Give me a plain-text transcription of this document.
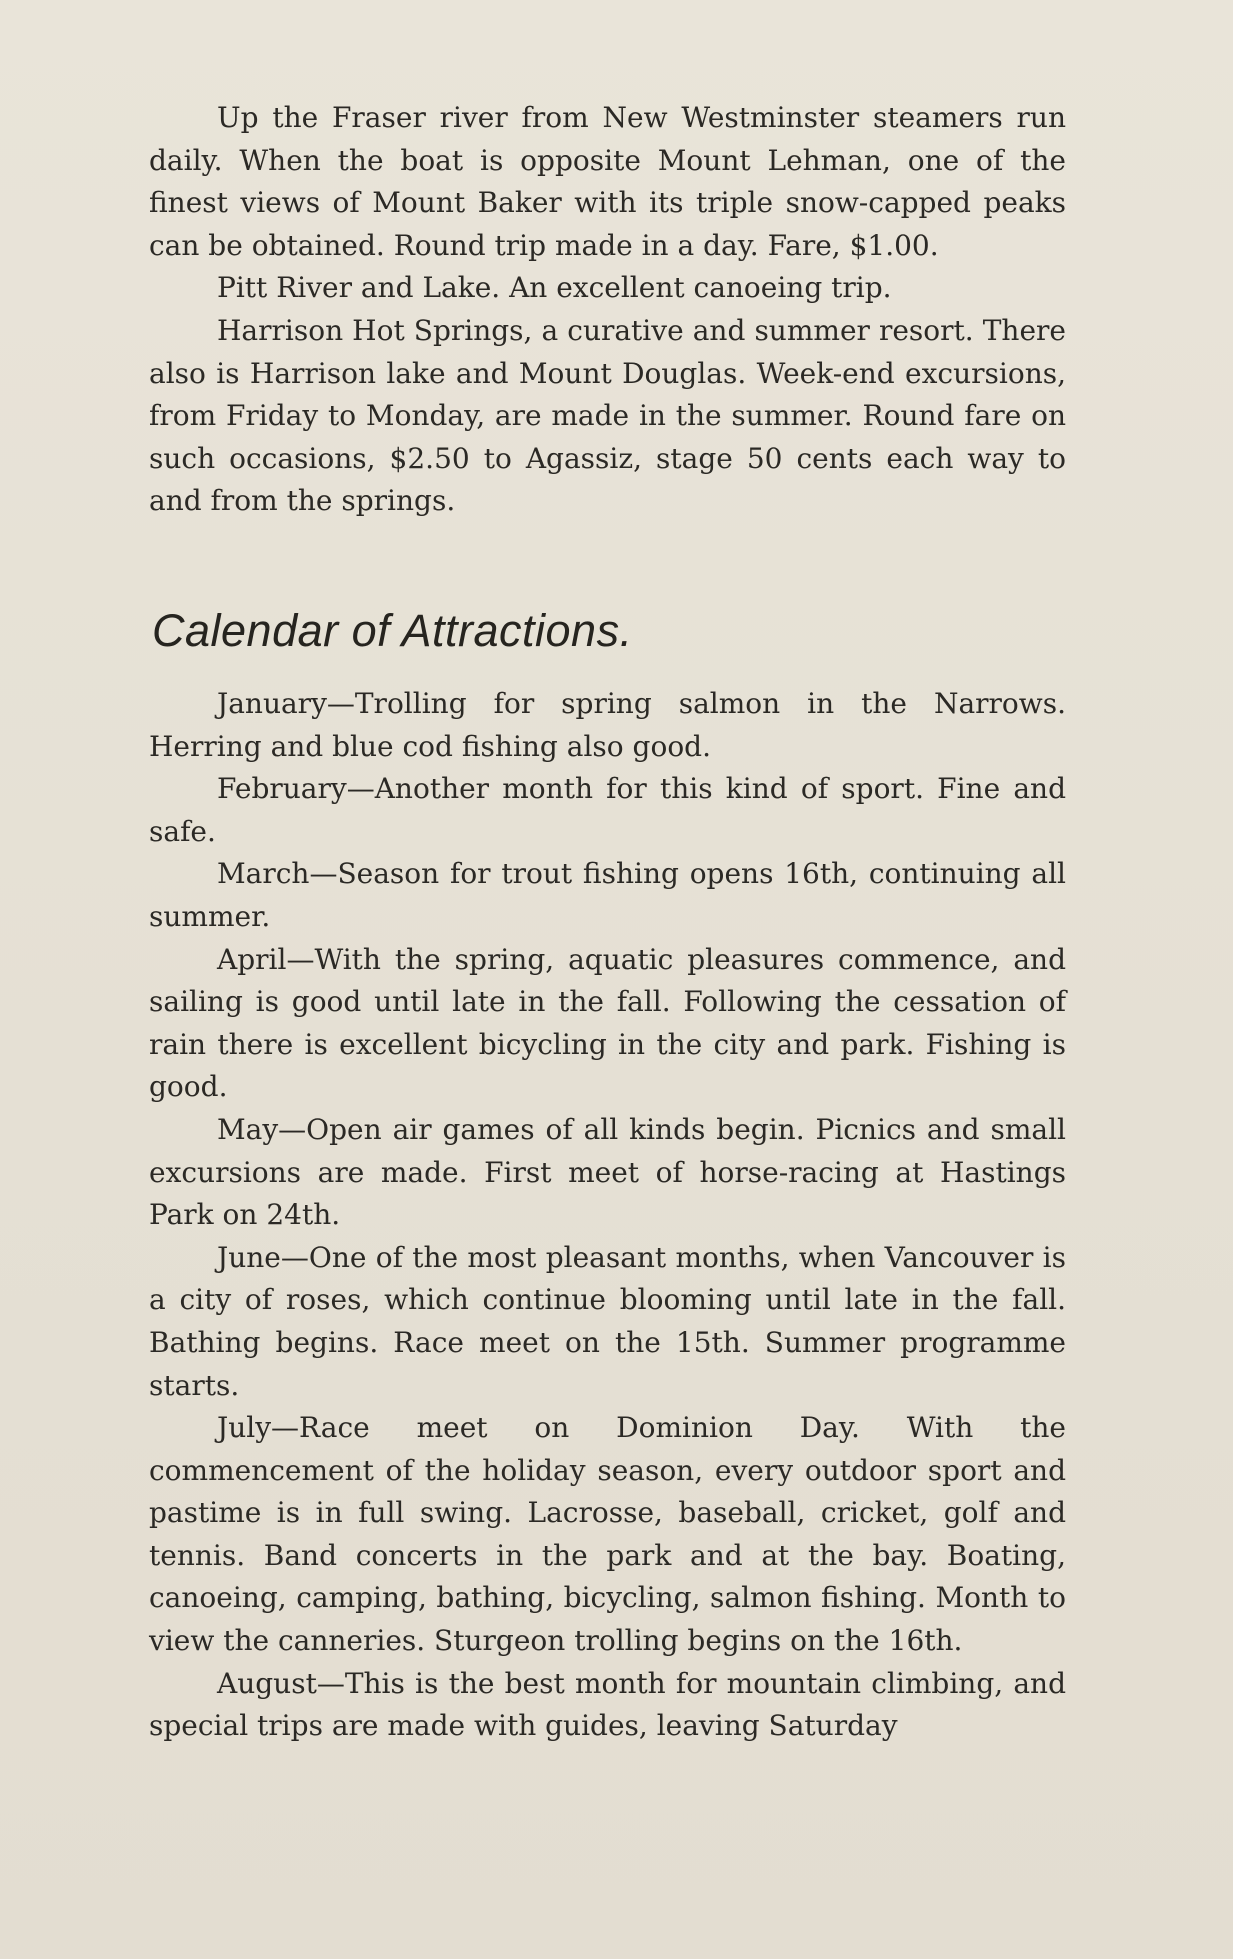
Up the Fraser river from New Westminster steamers run daily. When the boat is opposite Mount Lehman, one of the finest views of Mount Baker with its triple snow-capped peaks can be obtained. Round trip made in a day. Fare, $1.00.

Pitt River and Lake. An excellent canoeing trip.

Harrison Hot Springs, a curative and summer resort. There also is Harrison lake and Mount Douglas. Week-end excursions, from Friday to Monday, are made in the summer. Round fare on such occasions, $2.50 to Agassiz, stage 50 cents each way to and from the springs.

Calendar of Attractions.

January—Trolling for spring salmon in the Narrows. Herring and blue cod fishing also good.

February—Another month for this kind of sport. Fine and safe.

March—Season for trout fishing opens 16th, continuing all summer.

April—With the spring, aquatic pleasures commence, and sailing is good until late in the fall. Following the cessation of rain there is excellent bicycling in the city and park. Fishing is good.

May—Open air games of all kinds begin. Picnics and small excursions are made. First meet of horse-racing at Hastings Park on 24th.

June—One of the most pleasant months, when Vancouver is a city of roses, which continue blooming until late in the fall. Bathing begins. Race meet on the 15th. Summer programme starts.

July—Race meet on Dominion Day. With the commencement of the holiday season, every outdoor sport and pastime is in full swing. Lacrosse, baseball, cricket, golf and tennis. Band concerts in the park and at the bay. Boating, canoeing, camping, bathing, bicycling, salmon fishing. Month to view the canneries. Sturgeon trolling begins on the 16th.

August—This is the best month for mountain climbing, and special trips are made with guides, leaving Saturday
